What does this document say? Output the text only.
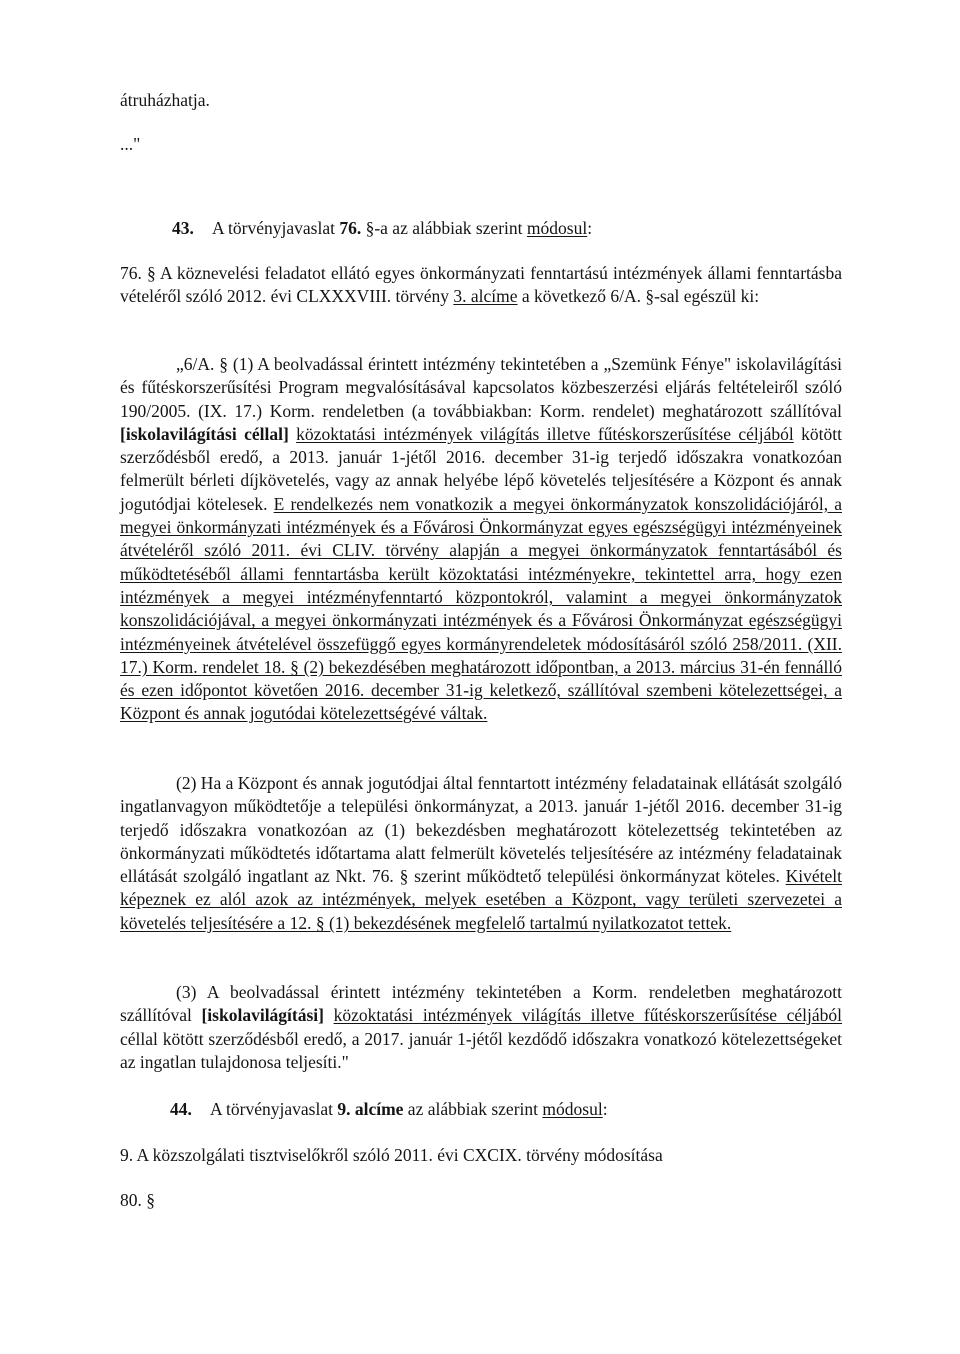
átruházhatja.

..."

43. A törvényjavaslat 76. §-a az alábbiak szerint módosul:

76. § A köznevelési feladatot ellátó egyes önkormányzati fenntartású intézmények állami fenntartásba vételéről szóló 2012. évi CLXXXVIII. törvény 3. alcíme a következő 6/A. §-sal egészül ki:

„6/A. § (1) A beolvadással érintett intézmény tekintetében a „Szemünk Fénye" iskolavilágítási és fűtéskorszerűsítési Program megvalósításával kapcsolatos közbeszerzési eljárás feltételeiről szóló 190/2005. (IX. 17.) Korm. rendeletben (a továbbiakban: Korm. rendelet) meghatározott szállítóval [iskolavilágítási céllal] közoktatási intézmények világítás illetve fűtéskorszerűsítése céljából kötött szerződésből eredő, a 2013. január 1-jétől 2016. december 31-ig terjedő időszakra vonatkozóan felmerült bérleti díjkövetelés, vagy az annak helyébe lépő követelés teljesítésére a Központ és annak jogutódjai kötelesek. E rendelkezés nem vonatkozik a megyei önkormányzatok konszolidációjáról, a megyei önkormányzati intézmények és a Fővárosi Önkormányzat egyes egészségügyi intézményeinek átvételéről szóló 2011. évi CLIV. törvény alapján a megyei önkormányzatok fenntartásából és működtetéséből állami fenntartásba került közoktatási intézményekre, tekintettel arra, hogy ezen intézmények a megyei intézményfenntartó központokról, valamint a megyei önkormányzatok konszolidációjával, a megyei önkormányzati intézmények és a Fővárosi Önkormányzat egészségügyi intézményeinek átvételével összefüggő egyes kormányrendeletek módosításáról szóló 258/2011. (XII. 17.) Korm. rendelet 18. § (2) bekezdésében meghatározott időpontban, a 2013. március 31-én fennálló és ezen időpontot követően 2016. december 31-ig keletkező, szállítóval szembeni kötelezettségei, a Központ és annak jogutódai kötelezettségévé váltak.

(2) Ha a Központ és annak jogutódjai által fenntartott intézmény feladatainak ellátását szolgáló ingatlanvagyon működtetője a települési önkormányzat, a 2013. január 1-jétől 2016. december 31-ig terjedő időszakra vonatkozóan az (1) bekezdésben meghatározott kötelezettség tekintetében az önkormányzati működtetés időtartama alatt felmerült követelés teljesítésére az intézmény feladatainak ellátását szolgáló ingatlant az Nkt. 76. § szerint működtető települési önkormányzat köteles. Kivételt képeznek ez alól azok az intézmények, melyek esetében a Központ, vagy területi szervezetei a követelés teljesítésére a 12. § (1) bekezdésének megfelelő tartalmú nyilatkozatot tettek.

(3) A beolvadással érintett intézmény tekintetében a Korm. rendeletben meghatározott szállítóval [iskolavilágítási] közoktatási intézmények világítás illetve fűtéskorszerűsítése céljából céllal kötött szerződésből eredő, a 2017. január 1-jétől kezdődő időszakra vonatkozó kötelezettségeket az ingatlan tulajdonosa teljesíti."

44. A törvényjavaslat 9. alcíme az alábbiak szerint módosul:

9. A közszolgálati tisztviselőkről szóló 2011. évi CXCIX. törvény módosítása

80. §
